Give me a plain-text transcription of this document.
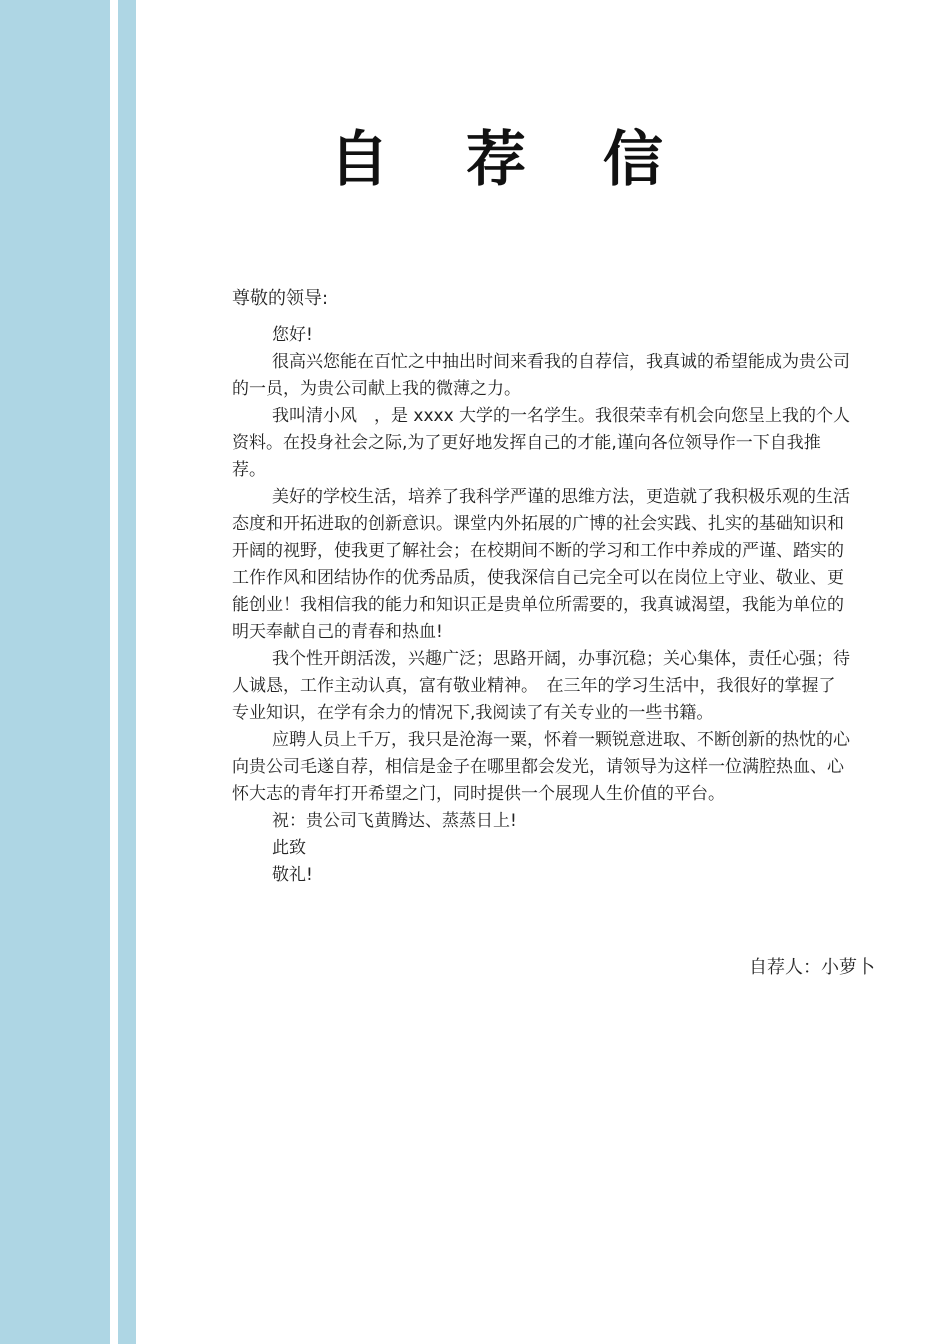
自 荐 信

尊敬的领导:

您好!

很高兴您能在百忙之中抽出时间来看我的自荐信，我真诚的希望能成为贵公司的一员，为贵公司献上我的微薄之力。

我叫清小风　，是 xxxx 大学的一名学生。我很荣幸有机会向您呈上我的个人资料。在投身社会之际,为了更好地发挥自己的才能,谨向各位领导作一下自我推荐。

美好的学校生活，培养了我科学严谨的思维方法，更造就了我积极乐观的生活态度和开拓进取的创新意识。课堂内外拓展的广博的社会实践、扎实的基础知识和开阔的视野，使我更了解社会；在校期间不断的学习和工作中养成的严谨、踏实的工作作风和团结协作的优秀品质，使我深信自己完全可以在岗位上守业、敬业、更能创业！我相信我的能力和知识正是贵单位所需要的，我真诚渴望，我能为单位的明天奉献自己的青春和热血!

我个性开朗活泼，兴趣广泛；思路开阔，办事沉稳；关心集体，责任心强；待人诚恳，工作主动认真，富有敬业精神。　在三年的学习生活中，我很好的掌握了专业知识，在学有余力的情况下,我阅读了有关专业的一些书籍。

应聘人员上千万，我只是沧海一粟，怀着一颗锐意进取、不断创新的热忱的心向贵公司毛遂自荐，相信是金子在哪里都会发光，请领导为这样一位满腔热血、心怀大志的青年打开希望之门，同时提供一个展现人生价值的平台。

祝：贵公司飞黄腾达、蒸蒸日上!

此致

敬礼!

自荐人：小萝卜
